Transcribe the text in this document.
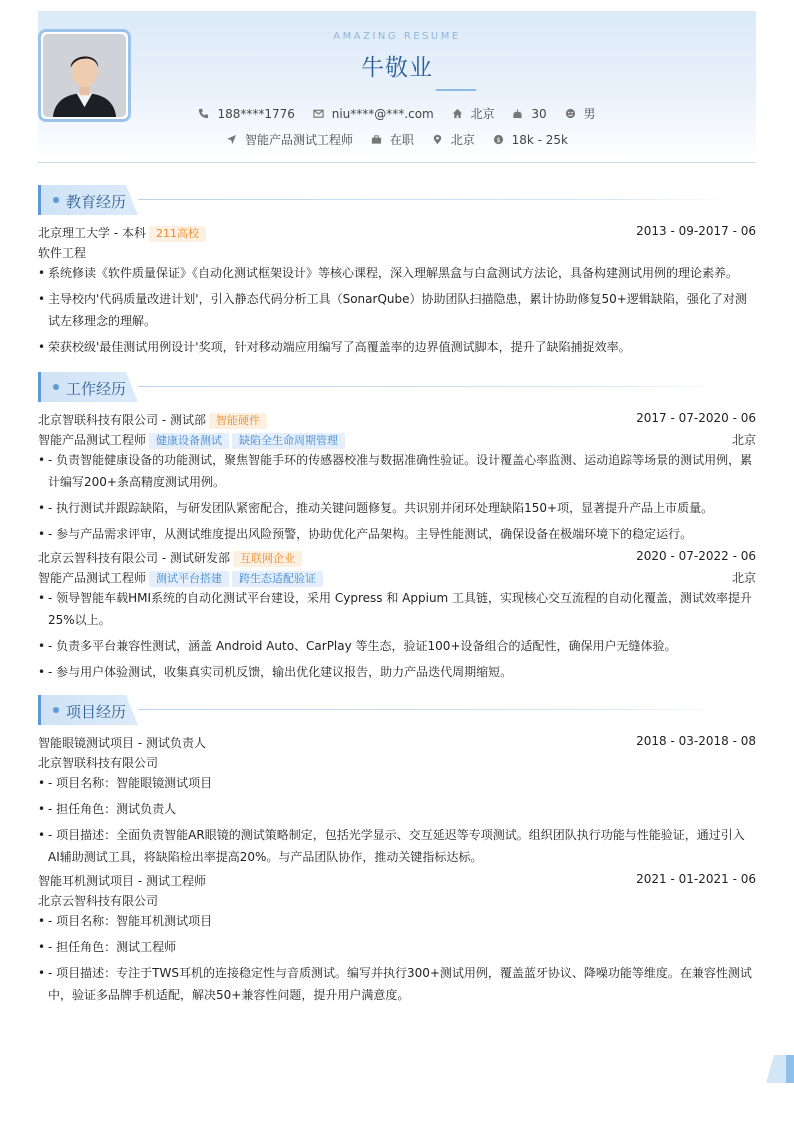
AMAZING RESUME
牛敬业
188****1776
	niu****@***.com
	北京
	30
	男
智能产品测试工程师
	在职
	北京
	$ 18k - 25k
教育经历
北京理工大学 - 本科 211高校	2013 - 09-2017 - 06
软件工程
• 系统修读《软件质量保证》《自动化测试框架设计》等核心课程，深入理解黑盒与白盒测试方法论，具备构建测试用例的理论素养。
• 主导校内'代码质量改进计划'，引入静态代码分析工具（SonarQube）协助团队扫描隐患，累计协助修复50+逻辑缺陷，强化了对测试左移理念的理解。
• 荣获校级'最佳测试用例设计'奖项，针对移动端应用编写了高覆盖率的边界值测试脚本，提升了缺陷捕捉效率。
工作经历
北京智联科技有限公司 - 测试部 智能硬件	2017 - 07-2020 - 06
智能产品测试工程师 健康设备测试 缺陷全生命周期管理	北京
• - 负责智能健康设备的功能测试，聚焦智能手环的传感器校准与数据准确性验证。设计覆盖心率监测、运动追踪等场景的测试用例，累计编写200+条高精度测试用例。
• - 执行测试并跟踪缺陷，与研发团队紧密配合，推动关键问题修复。共识别并闭环处理缺陷150+项，显著提升产品上市质量。
• - 参与产品需求评审，从测试维度提出风险预警，协助优化产品架构。主导性能测试，确保设备在极端环境下的稳定运行。
北京云智科技有限公司 - 测试研发部 互联网企业	2020 - 07-2022 - 06
智能产品测试工程师 测试平台搭建 跨生态适配验证	北京
• - 领导智能车载HMI系统的自动化测试平台建设，采用 Cypress 和 Appium 工具链，实现核心交互流程的自动化覆盖，测试效率提升25%以上。
• - 负责多平台兼容性测试，涵盖 Android Auto、CarPlay 等生态，验证100+设备组合的适配性，确保用户无缝体验。
• - 参与用户体验测试，收集真实司机反馈，输出优化建议报告，助力产品迭代周期缩短。
项目经历
智能眼镜测试项目 - 测试负责人	2018 - 03-2018 - 08
北京智联科技有限公司
• - 项目名称：智能眼镜测试项目
• - 担任角色：测试负责人
• - 项目描述：全面负责智能AR眼镜的测试策略制定，包括光学显示、交互延迟等专项测试。组织团队执行功能与性能验证，通过引入AI辅助测试工具，将缺陷检出率提高20%。与产品团队协作，推动关键指标达标。
智能耳机测试项目 - 测试工程师	2021 - 01-2021 - 06
北京云智科技有限公司
• - 项目名称：智能耳机测试项目
• - 担任角色：测试工程师
• - 项目描述：专注于TWS耳机的连接稳定性与音质测试。编写并执行300+测试用例，覆盖蓝牙协议、降噪功能等维度。在兼容性测试中，验证多品牌手机适配，解决50+兼容性问题，提升用户满意度。
